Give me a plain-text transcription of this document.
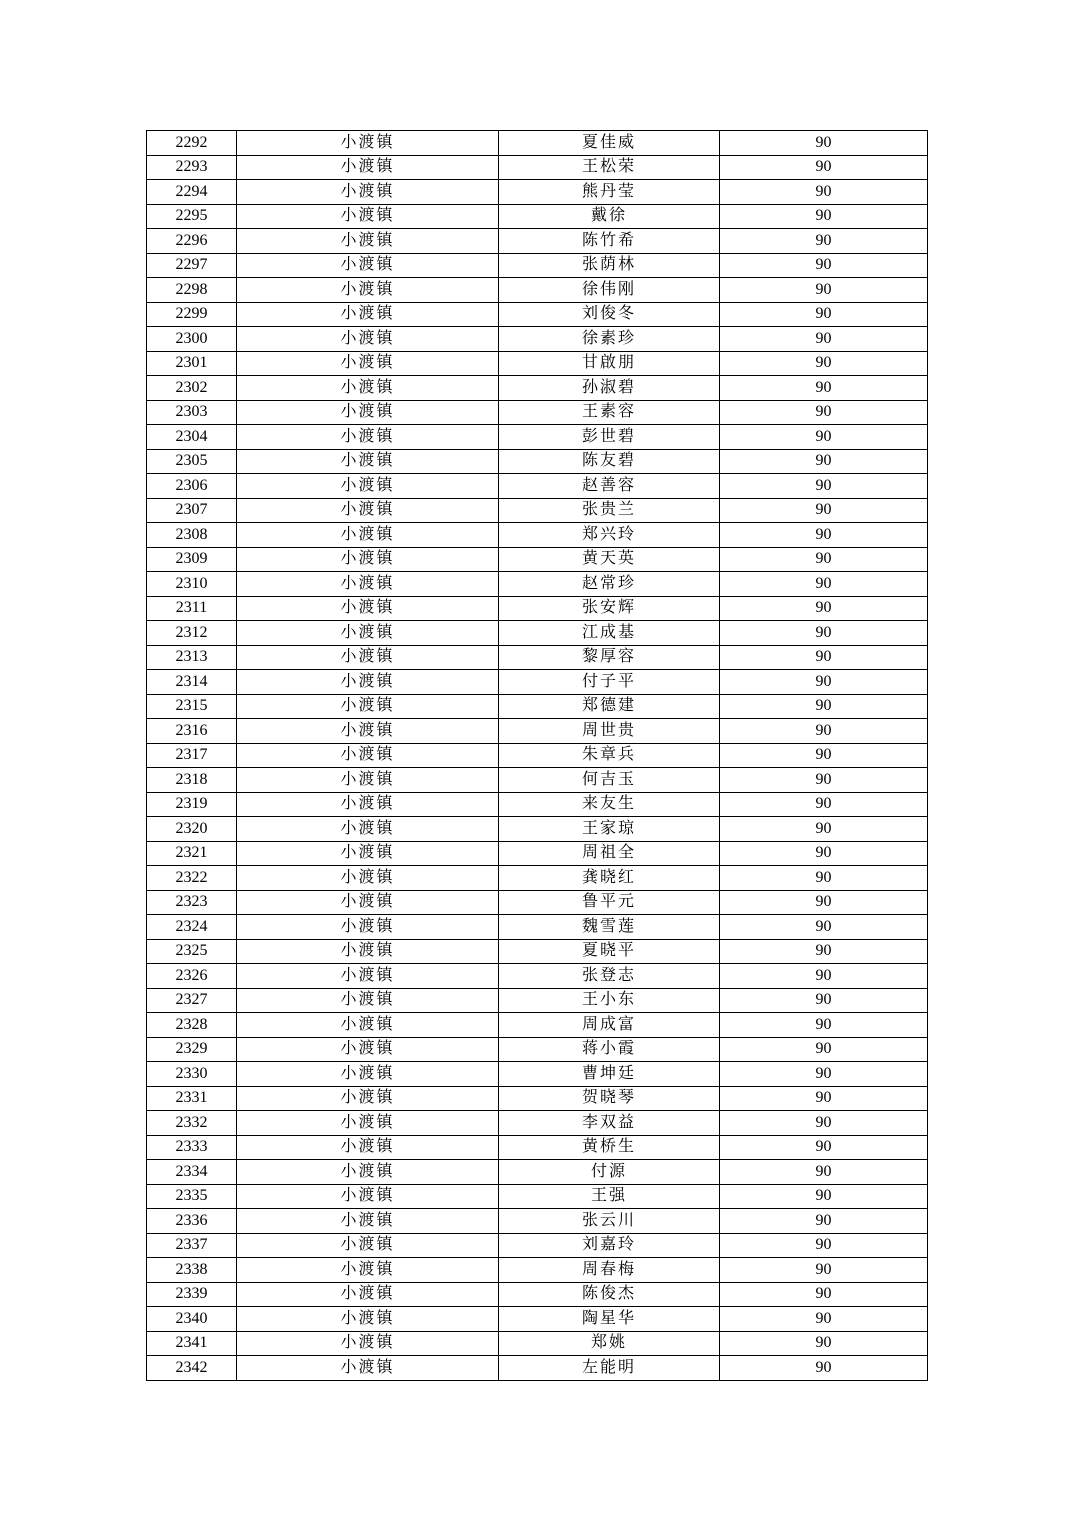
2292	小渡镇	夏佳威	90
2293	小渡镇	王松荣	90
2294	小渡镇	熊丹莹	90
2295	小渡镇	戴徐	90
2296	小渡镇	陈竹希	90
2297	小渡镇	张荫林	90
2298	小渡镇	徐伟刚	90
2299	小渡镇	刘俊冬	90
2300	小渡镇	徐素珍	90
2301	小渡镇	甘啟朋	90
2302	小渡镇	孙淑碧	90
2303	小渡镇	王素容	90
2304	小渡镇	彭世碧	90
2305	小渡镇	陈友碧	90
2306	小渡镇	赵善容	90
2307	小渡镇	张贵兰	90
2308	小渡镇	郑兴玲	90
2309	小渡镇	黄天英	90
2310	小渡镇	赵常珍	90
2311	小渡镇	张安辉	90
2312	小渡镇	江成基	90
2313	小渡镇	黎厚容	90
2314	小渡镇	付子平	90
2315	小渡镇	郑德建	90
2316	小渡镇	周世贵	90
2317	小渡镇	朱章兵	90
2318	小渡镇	何吉玉	90
2319	小渡镇	来友生	90
2320	小渡镇	王家琼	90
2321	小渡镇	周祖全	90
2322	小渡镇	龚晓红	90
2323	小渡镇	鲁平元	90
2324	小渡镇	魏雪莲	90
2325	小渡镇	夏晓平	90
2326	小渡镇	张登志	90
2327	小渡镇	王小东	90
2328	小渡镇	周成富	90
2329	小渡镇	蒋小霞	90
2330	小渡镇	曹坤廷	90
2331	小渡镇	贺晓琴	90
2332	小渡镇	李双益	90
2333	小渡镇	黄桥生	90
2334	小渡镇	付源	90
2335	小渡镇	王强	90
2336	小渡镇	张云川	90
2337	小渡镇	刘嘉玲	90
2338	小渡镇	周春梅	90
2339	小渡镇	陈俊杰	90
2340	小渡镇	陶星华	90
2341	小渡镇	郑姚	90
2342	小渡镇	左能明	90
